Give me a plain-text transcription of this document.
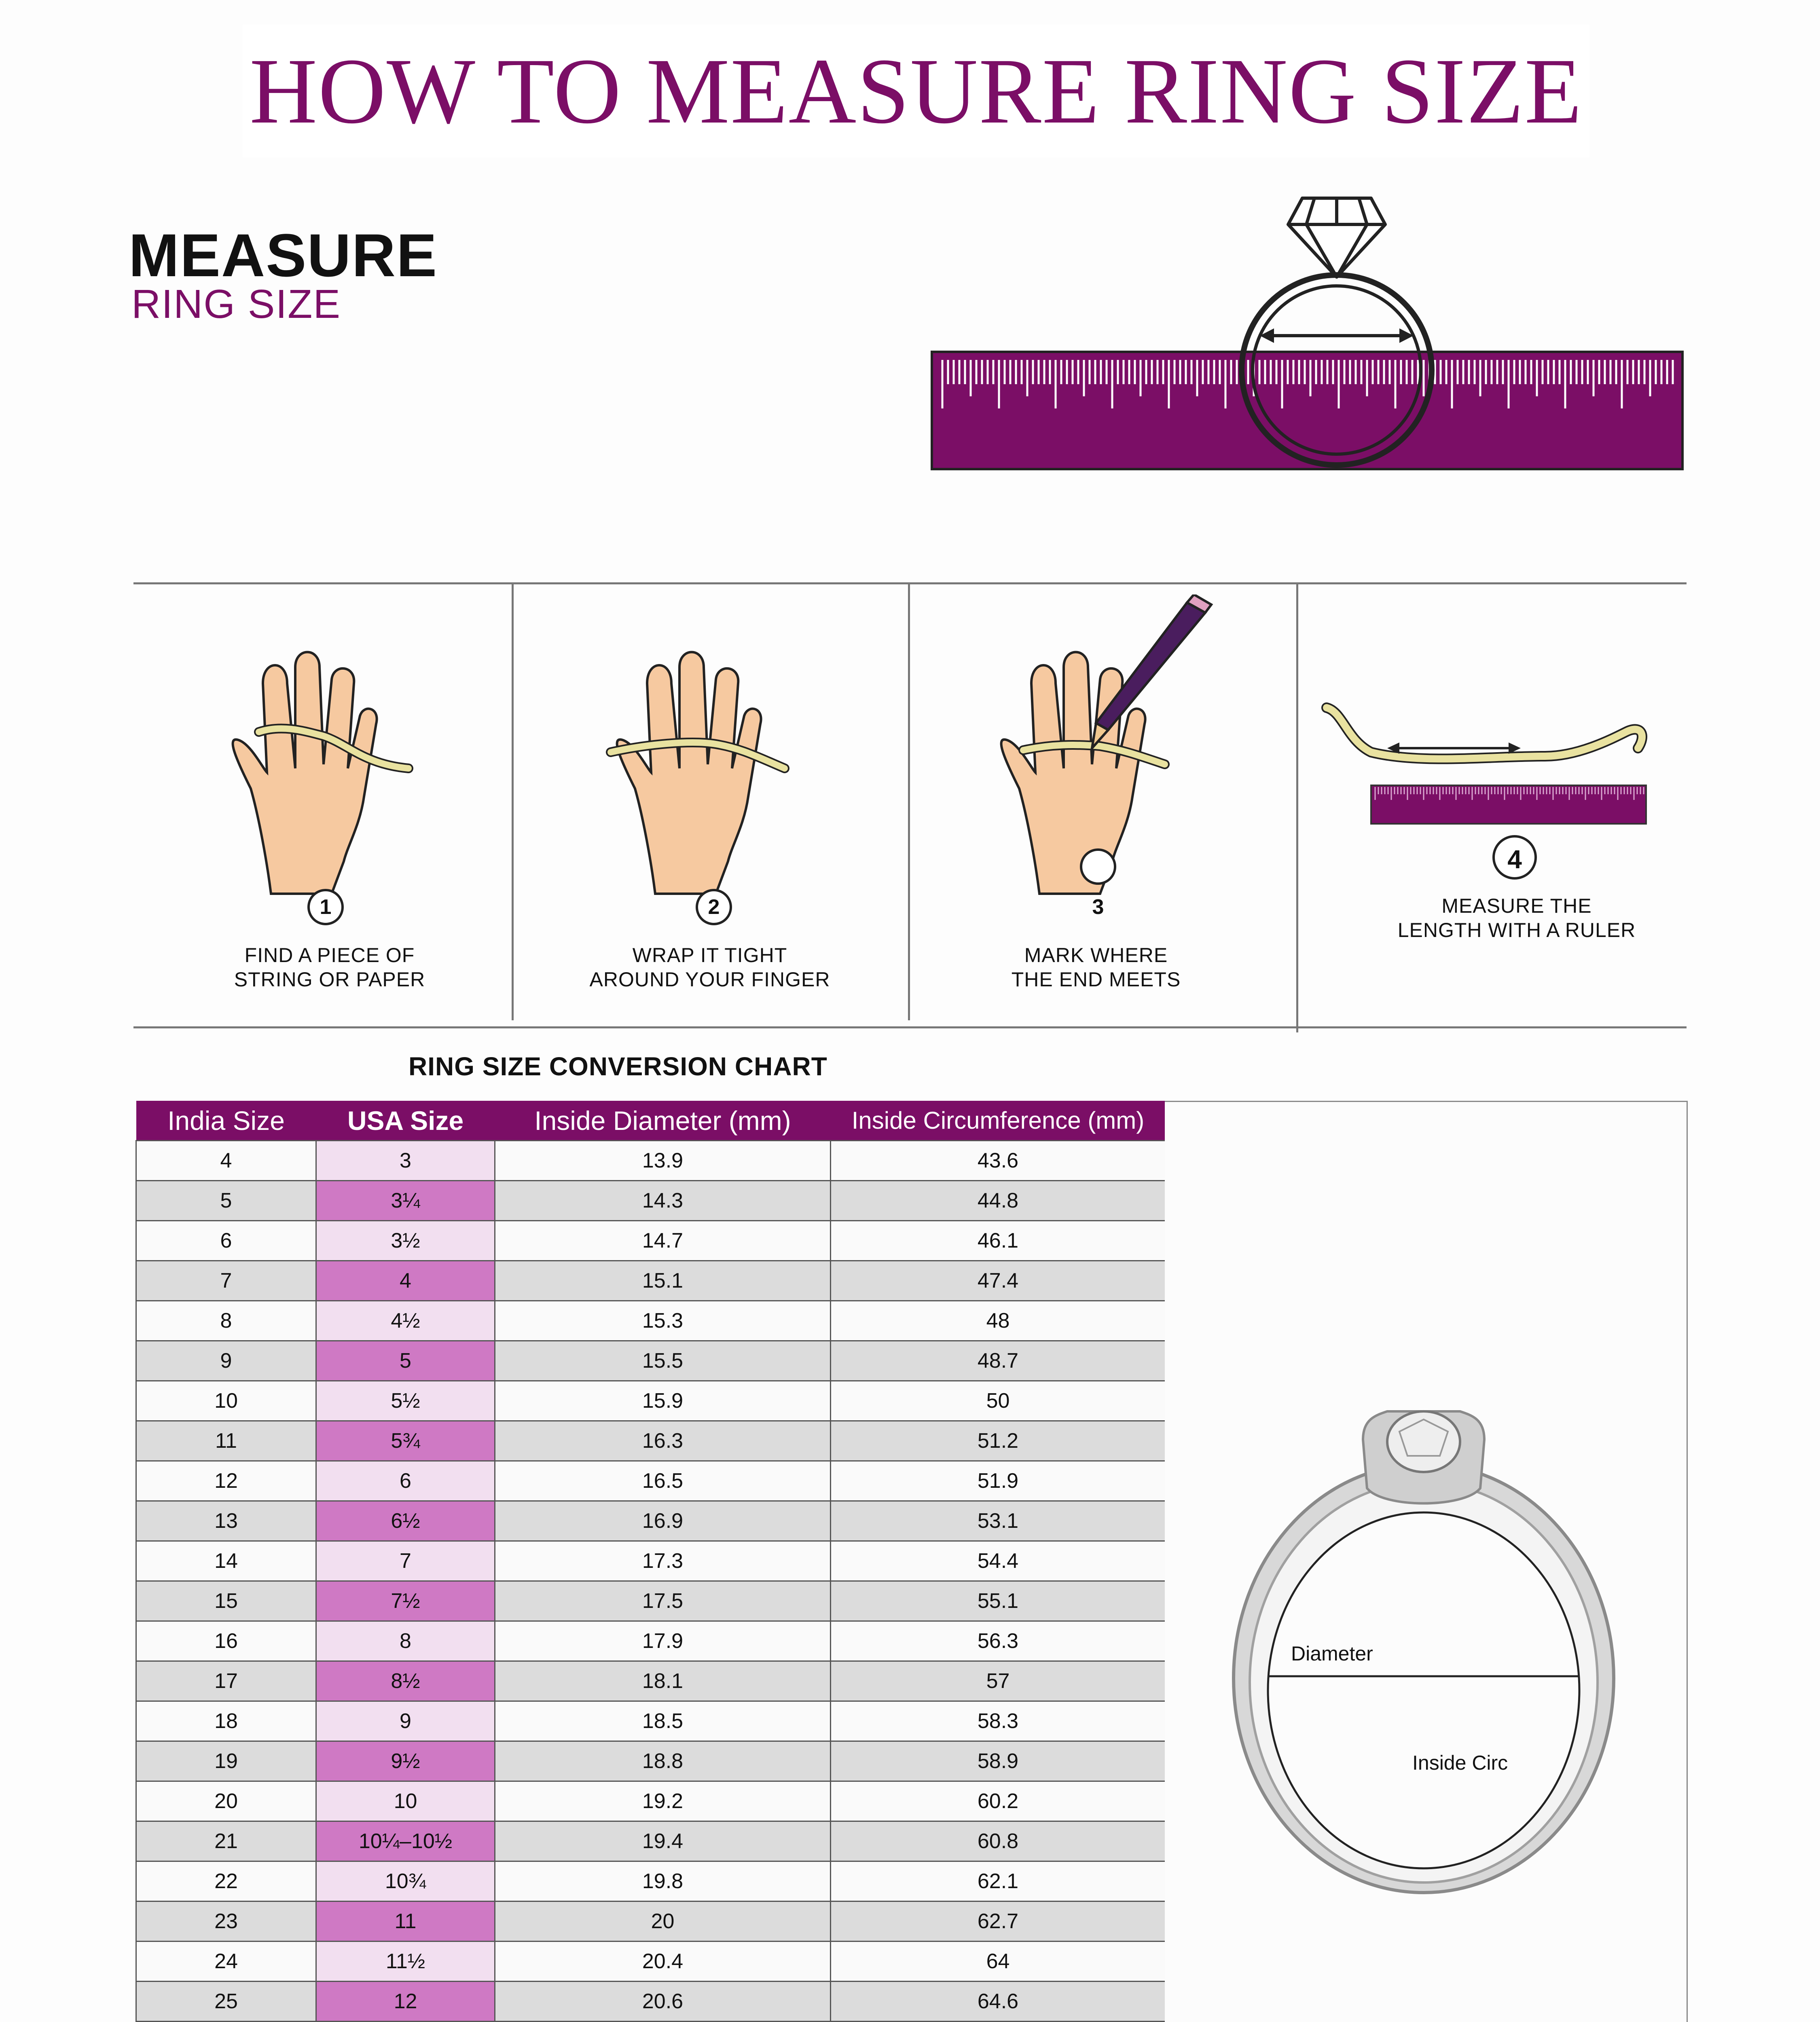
HOW TO MEASURE RING SIZE
MEASURE
RING SIZE
1
FIND A PIECE OF
STRING OR PAPER
2
WRAP IT TIGHT
AROUND YOUR FINGER
3
MARK WHERE
THE END MEETS
4
MEASURE THE
LENGTH WITH A RULER
RING SIZE CONVERSION CHART
India Size	USA Size	Inside Diameter (mm)	Inside Circumference (mm)
4	3	13.9	43.6
5	3¼	14.3	44.8
6	3½	14.7	46.1
7	4	15.1	47.4
8	4½	15.3	48
9	5	15.5	48.7
10	5½	15.9	50
11	5¾	16.3	51.2
12	6	16.5	51.9
13	6½	16.9	53.1
14	7	17.3	54.4
15	7½	17.5	55.1
16	8	17.9	56.3
17	8½	18.1	57
18	9	18.5	58.3
19	9½	18.8	58.9
20	10	19.2	60.2
21	10¼–10½	19.4	60.8
22	10¾	19.8	62.1
23	11	20	62.7
24	11½	20.4	64
25	12	20.6	64.6

Diameter
Inside Circ
